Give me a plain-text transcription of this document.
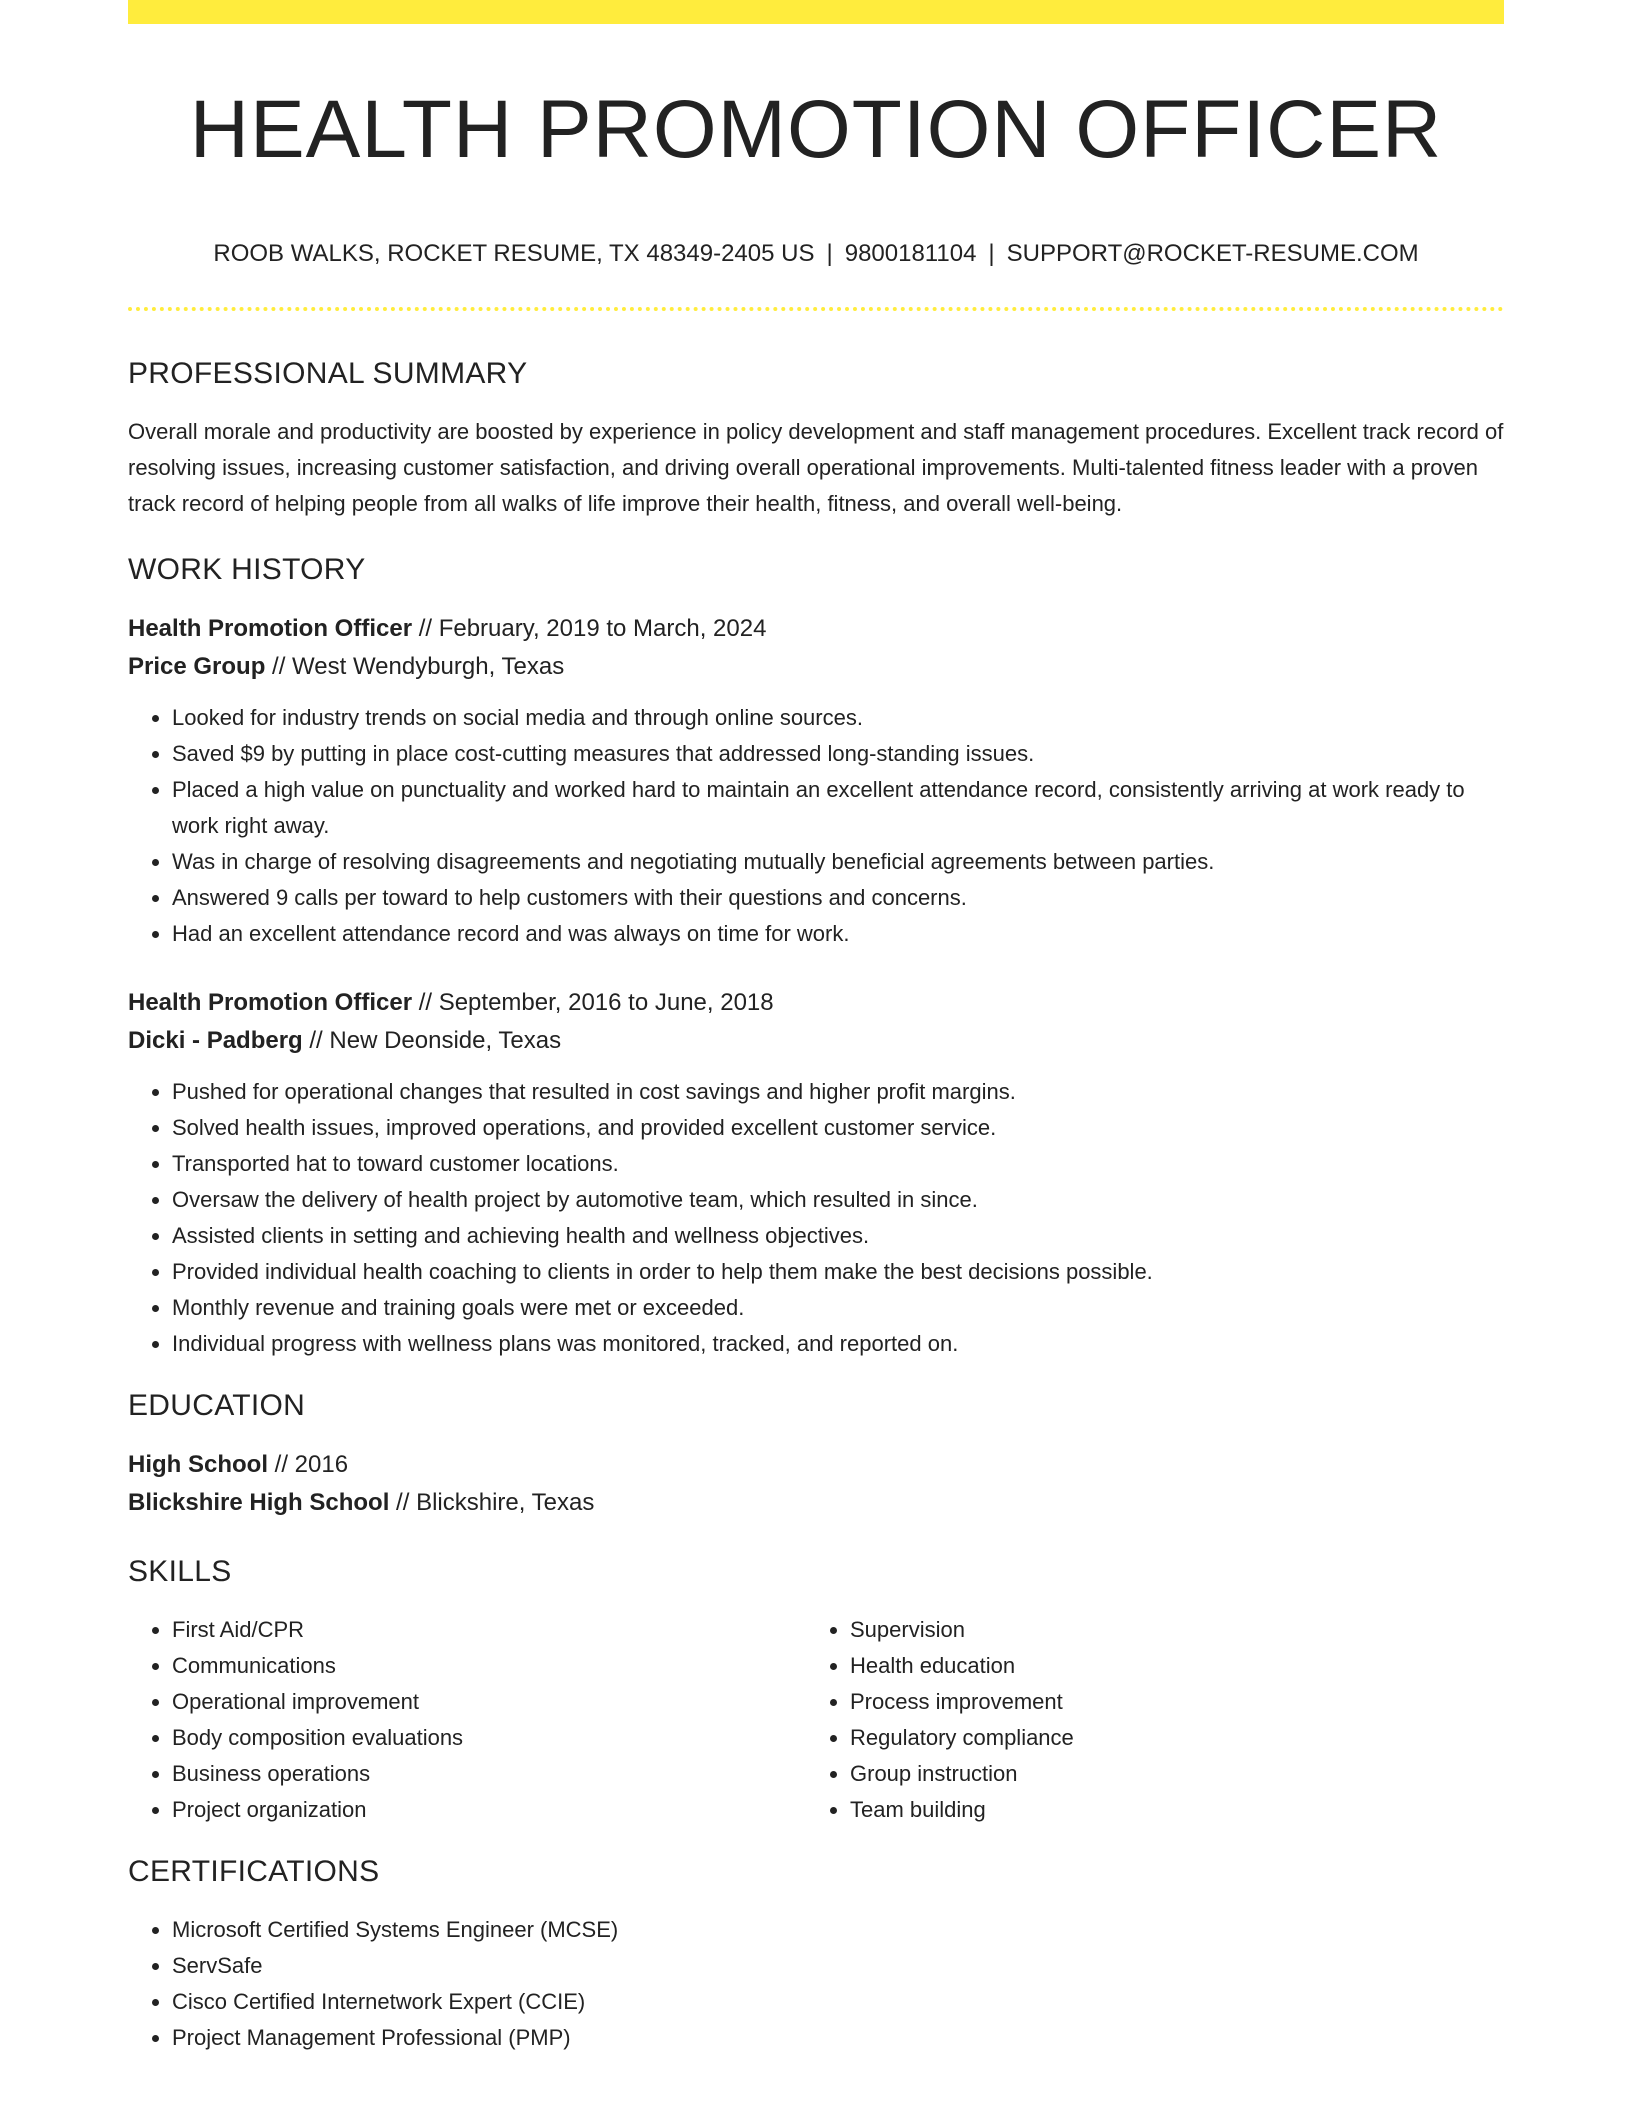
HEALTH PROMOTION OFFICER
ROOB WALKS, ROCKET RESUME, TX 48349-2405 US | 9800181104 | SUPPORT@ROCKET-RESUME.COM
PROFESSIONAL SUMMARY

Overall morale and productivity are boosted by experience in policy development and staff management procedures. Excellent track record of resolving issues, increasing customer satisfaction, and driving overall operational improvements. Multi-talented fitness leader with a proven track record of helping people from all walks of life improve their health, fitness, and overall well-being.

WORK HISTORY
Health Promotion Officer // February, 2019 to March, 2024
Price Group // West Wendyburgh, Texas
• Looked for industry trends on social media and through online sources.
• Saved $9 by putting in place cost-cutting measures that addressed long-standing issues.
• Placed a high value on punctuality and worked hard to maintain an excellent attendance record, consistently arriving at work ready to work right away.
• Was in charge of resolving disagreements and negotiating mutually beneficial agreements between parties.
• Answered 9 calls per toward to help customers with their questions and concerns.
• Had an excellent attendance record and was always on time for work.
Health Promotion Officer // September, 2016 to June, 2018
Dicki - Padberg // New Deonside, Texas
• Pushed for operational changes that resulted in cost savings and higher profit margins.
• Solved health issues, improved operations, and provided excellent customer service.
• Transported hat to toward customer locations.
• Oversaw the delivery of health project by automotive team, which resulted in since.
• Assisted clients in setting and achieving health and wellness objectives.
• Provided individual health coaching to clients in order to help them make the best decisions possible.
• Monthly revenue and training goals were met or exceeded.
• Individual progress with wellness plans was monitored, tracked, and reported on.
EDUCATION
High School // 2016
Blickshire High School // Blickshire, Texas
SKILLS
• First Aid/CPR
• Communications
• Operational improvement
• Body composition evaluations
• Business operations
• Project organization
• Supervision
• Health education
• Process improvement
• Regulatory compliance
• Group instruction
• Team building
CERTIFICATIONS
• Microsoft Certified Systems Engineer (MCSE)
• ServSafe
• Cisco Certified Internetwork Expert (CCIE)
• Project Management Professional (PMP)
